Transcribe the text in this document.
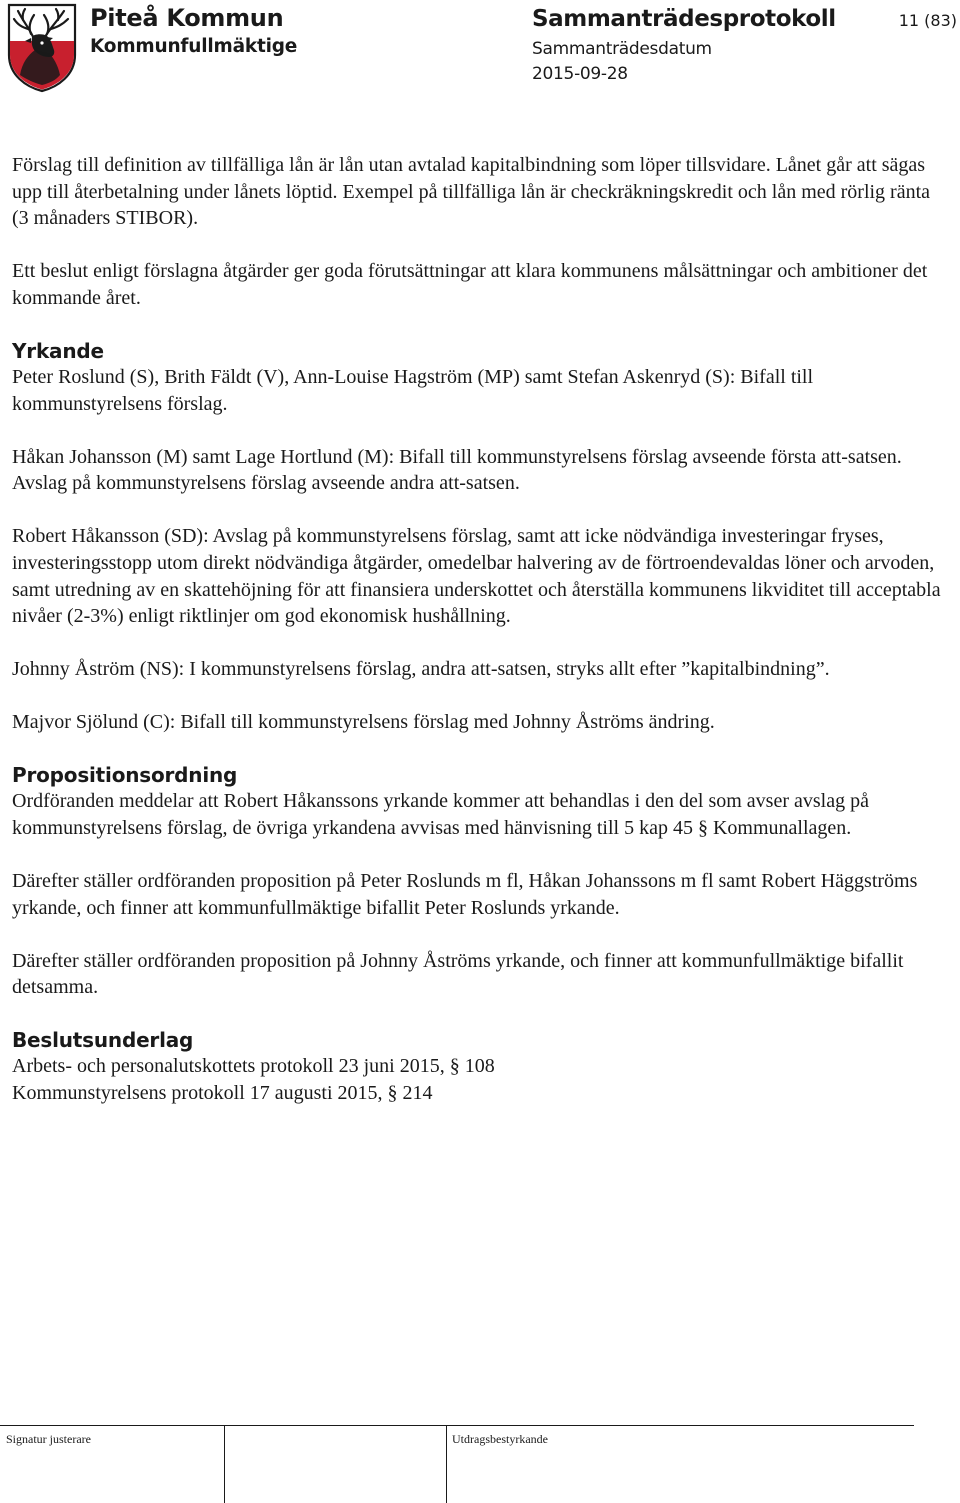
Piteå Kommun
Kommunfullmäktige
Sammanträdesprotokoll
Sammanträdesdatum
2015-09-28
11 (83)

Förslag till definition av tillfälliga lån är lån utan avtalad kapitalbindning som löper tillsvidare. Lånet går att sägas upp till återbetalning under lånets löptid. Exempel på tillfälliga lån är checkräkningskredit och lån med rörlig ränta (3 månaders STIBOR).

Ett beslut enligt förslagna åtgärder ger goda förutsättningar att klara kommunens målsättningar och ambitioner det kommande året.

Yrkande

Peter Roslund (S), Brith Fäldt (V), Ann-Louise Hagström (MP) samt Stefan Askenryd (S): Bifall till kommunstyrelsens förslag.

Håkan Johansson (M) samt Lage Hortlund (M): Bifall till kommunstyrelsens förslag avseende första att-satsen. Avslag på kommunstyrelsens förslag avseende andra att-satsen.

Robert Håkansson (SD): Avslag på kommunstyrelsens förslag, samt att icke nödvändiga investeringar fryses, investeringsstopp utom direkt nödvändiga åtgärder, omedelbar halvering av de förtroendevaldas löner och arvoden, samt utredning av en skattehöjning för att finansiera underskottet och återställa kommunens likviditet till acceptabla nivåer (2-3%) enligt riktlinjer om god ekonomisk hushållning.

Johnny Åström (NS): I kommunstyrelsens förslag, andra att-satsen, stryks allt efter ”kapitalbindning”.

Majvor Sjölund (C): Bifall till kommunstyrelsens förslag med Johnny Åströms ändring.

Propositionsordning

Ordföranden meddelar att Robert Håkanssons yrkande kommer att behandlas i den del som avser avslag på kommunstyrelsens förslag, de övriga yrkandena avvisas med hänvisning till 5 kap 45 § Kommunallagen.

Därefter ställer ordföranden proposition på Peter Roslunds m fl, Håkan Johanssons m fl samt Robert Häggströms yrkande, och finner att kommunfullmäktige bifallit Peter Roslunds yrkande.

Därefter ställer ordföranden proposition på Johnny Åströms yrkande, och finner att kommunfullmäktige bifallit detsamma.

Beslutsunderlag

Arbets- och personalutskottets protokoll 23 juni 2015, § 108

Kommunstyrelsens protokoll 17 augusti 2015, § 214

Signatur justerare	Utdragsbestyrkande
